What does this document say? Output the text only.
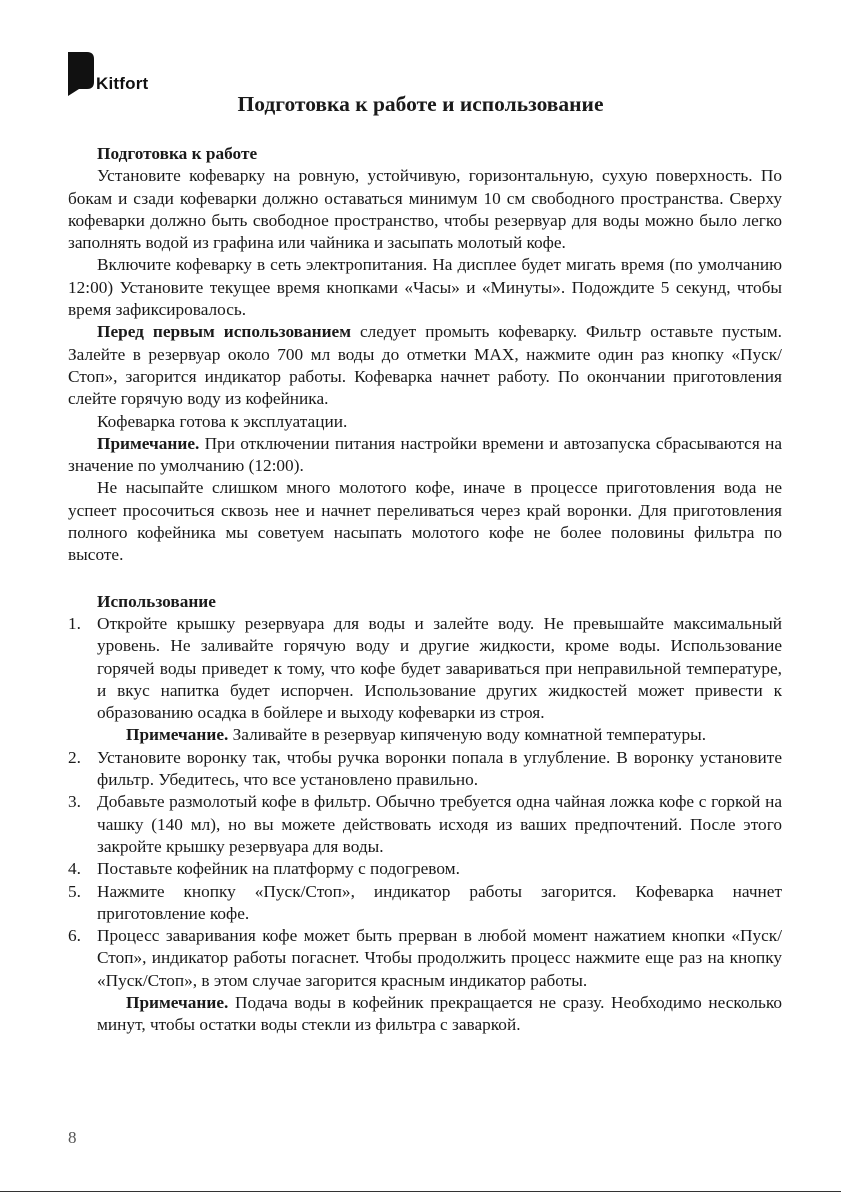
Kitfort
Подготовка к работе и использование
Подготовка к работе

Установите кофеварку на ровную, устойчивую, горизонтальную, сухую поверхность. По бокам и сзади кофеварки должно оставаться минимум 10 см свободного пространства. Сверху кофеварки должно быть свободное пространство, чтобы резервуар для воды можно было легко заполнять водой из графина или чайника и засыпать молотый кофе.

Включите кофеварку в сеть электропитания. На дисплее будет мигать время (по умолчанию 12:00) Установите текущее время кнопками «Часы» и «Минуты». Подождите 5 секунд, чтобы время зафиксировалось.

Перед первым использованием следует промыть кофеварку. Фильтр оставьте пустым. Залейте в резервуар около 700 мл воды до отметки MAX, нажмите один раз кнопку «Пуск/Стоп», загорится индикатор работы. Кофеварка начнет работу. По окончании приготовления слейте горячую воду из кофейника.

Кофеварка готова к эксплуатации.

Примечание. При отключении питания настройки времени и автозапуска сбрасываются на значение по умолчанию (12:00).

Не насыпайте слишком много молотого кофе, иначе в процессе приготовления вода не успеет просочиться сквозь нее и начнет переливаться через край воронки. Для приготовления полного кофейника мы советуем насыпать молотого кофе не более половины фильтра по высоте.

Использование
1. Откройте крышку резервуара для воды и залейте воду. Не превышайте максимальный уровень. Не заливайте горячую воду и другие жидкости, кроме воды. Использование горячей воды приведет к тому, что кофе будет завариваться при неправильной температуре, и вкус напитка будет испорчен. Использование других жидкостей может привести к образованию осадка в бойлере и выходу кофеварки из строя.

Примечание. Заливайте в резервуар кипяченую воду комнатной температуры.

2. Установите воронку так, чтобы ручка воронки попала в углубление. В воронку установите фильтр. Убедитесь, что все установлено правильно.

3. Добавьте размолотый кофе в фильтр. Обычно требуется одна чайная ложка кофе с горкой на чашку (140 мл), но вы можете действовать исходя из ваших предпочтений. После этого закройте крышку резервуара для воды.

4. Поставьте кофейник на платформу с подогревом.

5. Нажмите кнопку «Пуск/Стоп», индикатор работы загорится. Кофеварка начнет приготовление кофе.

6. Процесс заваривания кофе может быть прерван в любой момент нажатием кнопки «Пуск/Стоп», индикатор работы погаснет. Чтобы продолжить процесс нажмите еще раз на кнопку «Пуск/Стоп», в этом случае загорится красным индикатор работы.

Примечание. Подача воды в кофейник прекращается не сразу. Необходимо несколько минут, чтобы остатки воды стекли из фильтра с заваркой.

8
